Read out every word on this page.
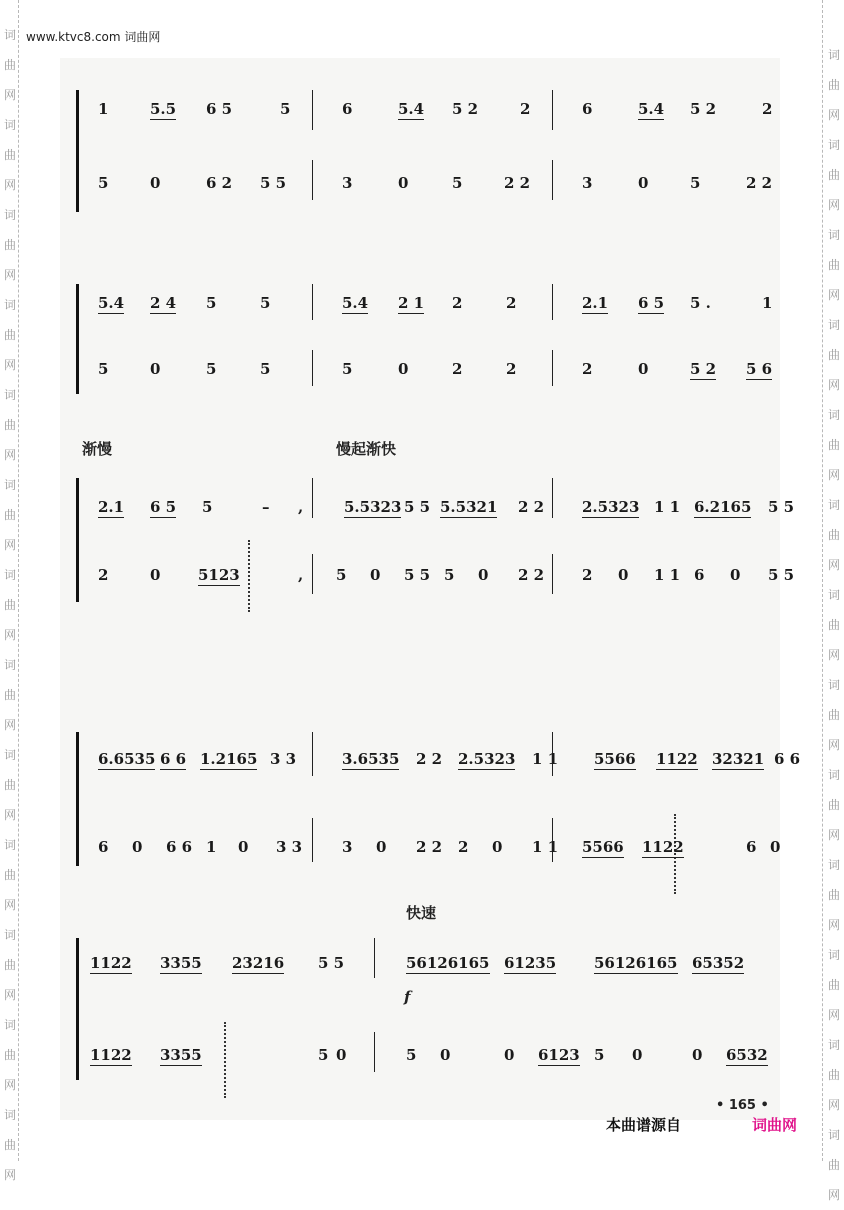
词
曲
网
词
曲
网
词
曲
网
词
曲
网
词
曲
网
词
曲
网
词
曲
网
词
曲
网
词
曲
网
词
曲
网
词
曲
网
词
曲
网
词
曲
网
词
曲
网
词
曲
网
词
曲
网
词
曲
网
词
曲
网
词
曲
网
词
曲
网
词
曲
网
词
曲
网
词
曲
网
词
曲
网
词
曲
网
词
曲
网
www.ktvc8.com 词曲网
1	5.5 6 5	5	6	5.4 5 2	2	6	5.4 5 2	2
5	0	6 2 5 5	3	0	5	2 2	3	0	5	2 2
5.4 2 4 5	5	5.4 2 1 2	2	2.1 6 5 5 .	1
5	0	5	5	5	0	2	2	2	0	5 2 5 6
渐慢	慢起渐快
2.1 6 5 5	– ,	5.5323 5 5 5.5321 2 2	2.5323 1 1 6.2165 5 5
2	0	5123	, 5 0 5 5 5 0 2 2	2 0 1 1 6 0 5 5
6.6535 6 6 1.2165 3 3	3.6535 2 2 2.5323 1 1 5566 1122 32321 6 6
6 0 6 6 1 0 3 3	3 0 2 2 2 0 1 1 5566 1122	6 0
快速
f
1122 3355 23216 5 5	56126165 61235	56126165 65352
1122 3355	5 0	5 0	0 6123 5 0	0 6532
• 165 •
本曲谱源自	词曲网
